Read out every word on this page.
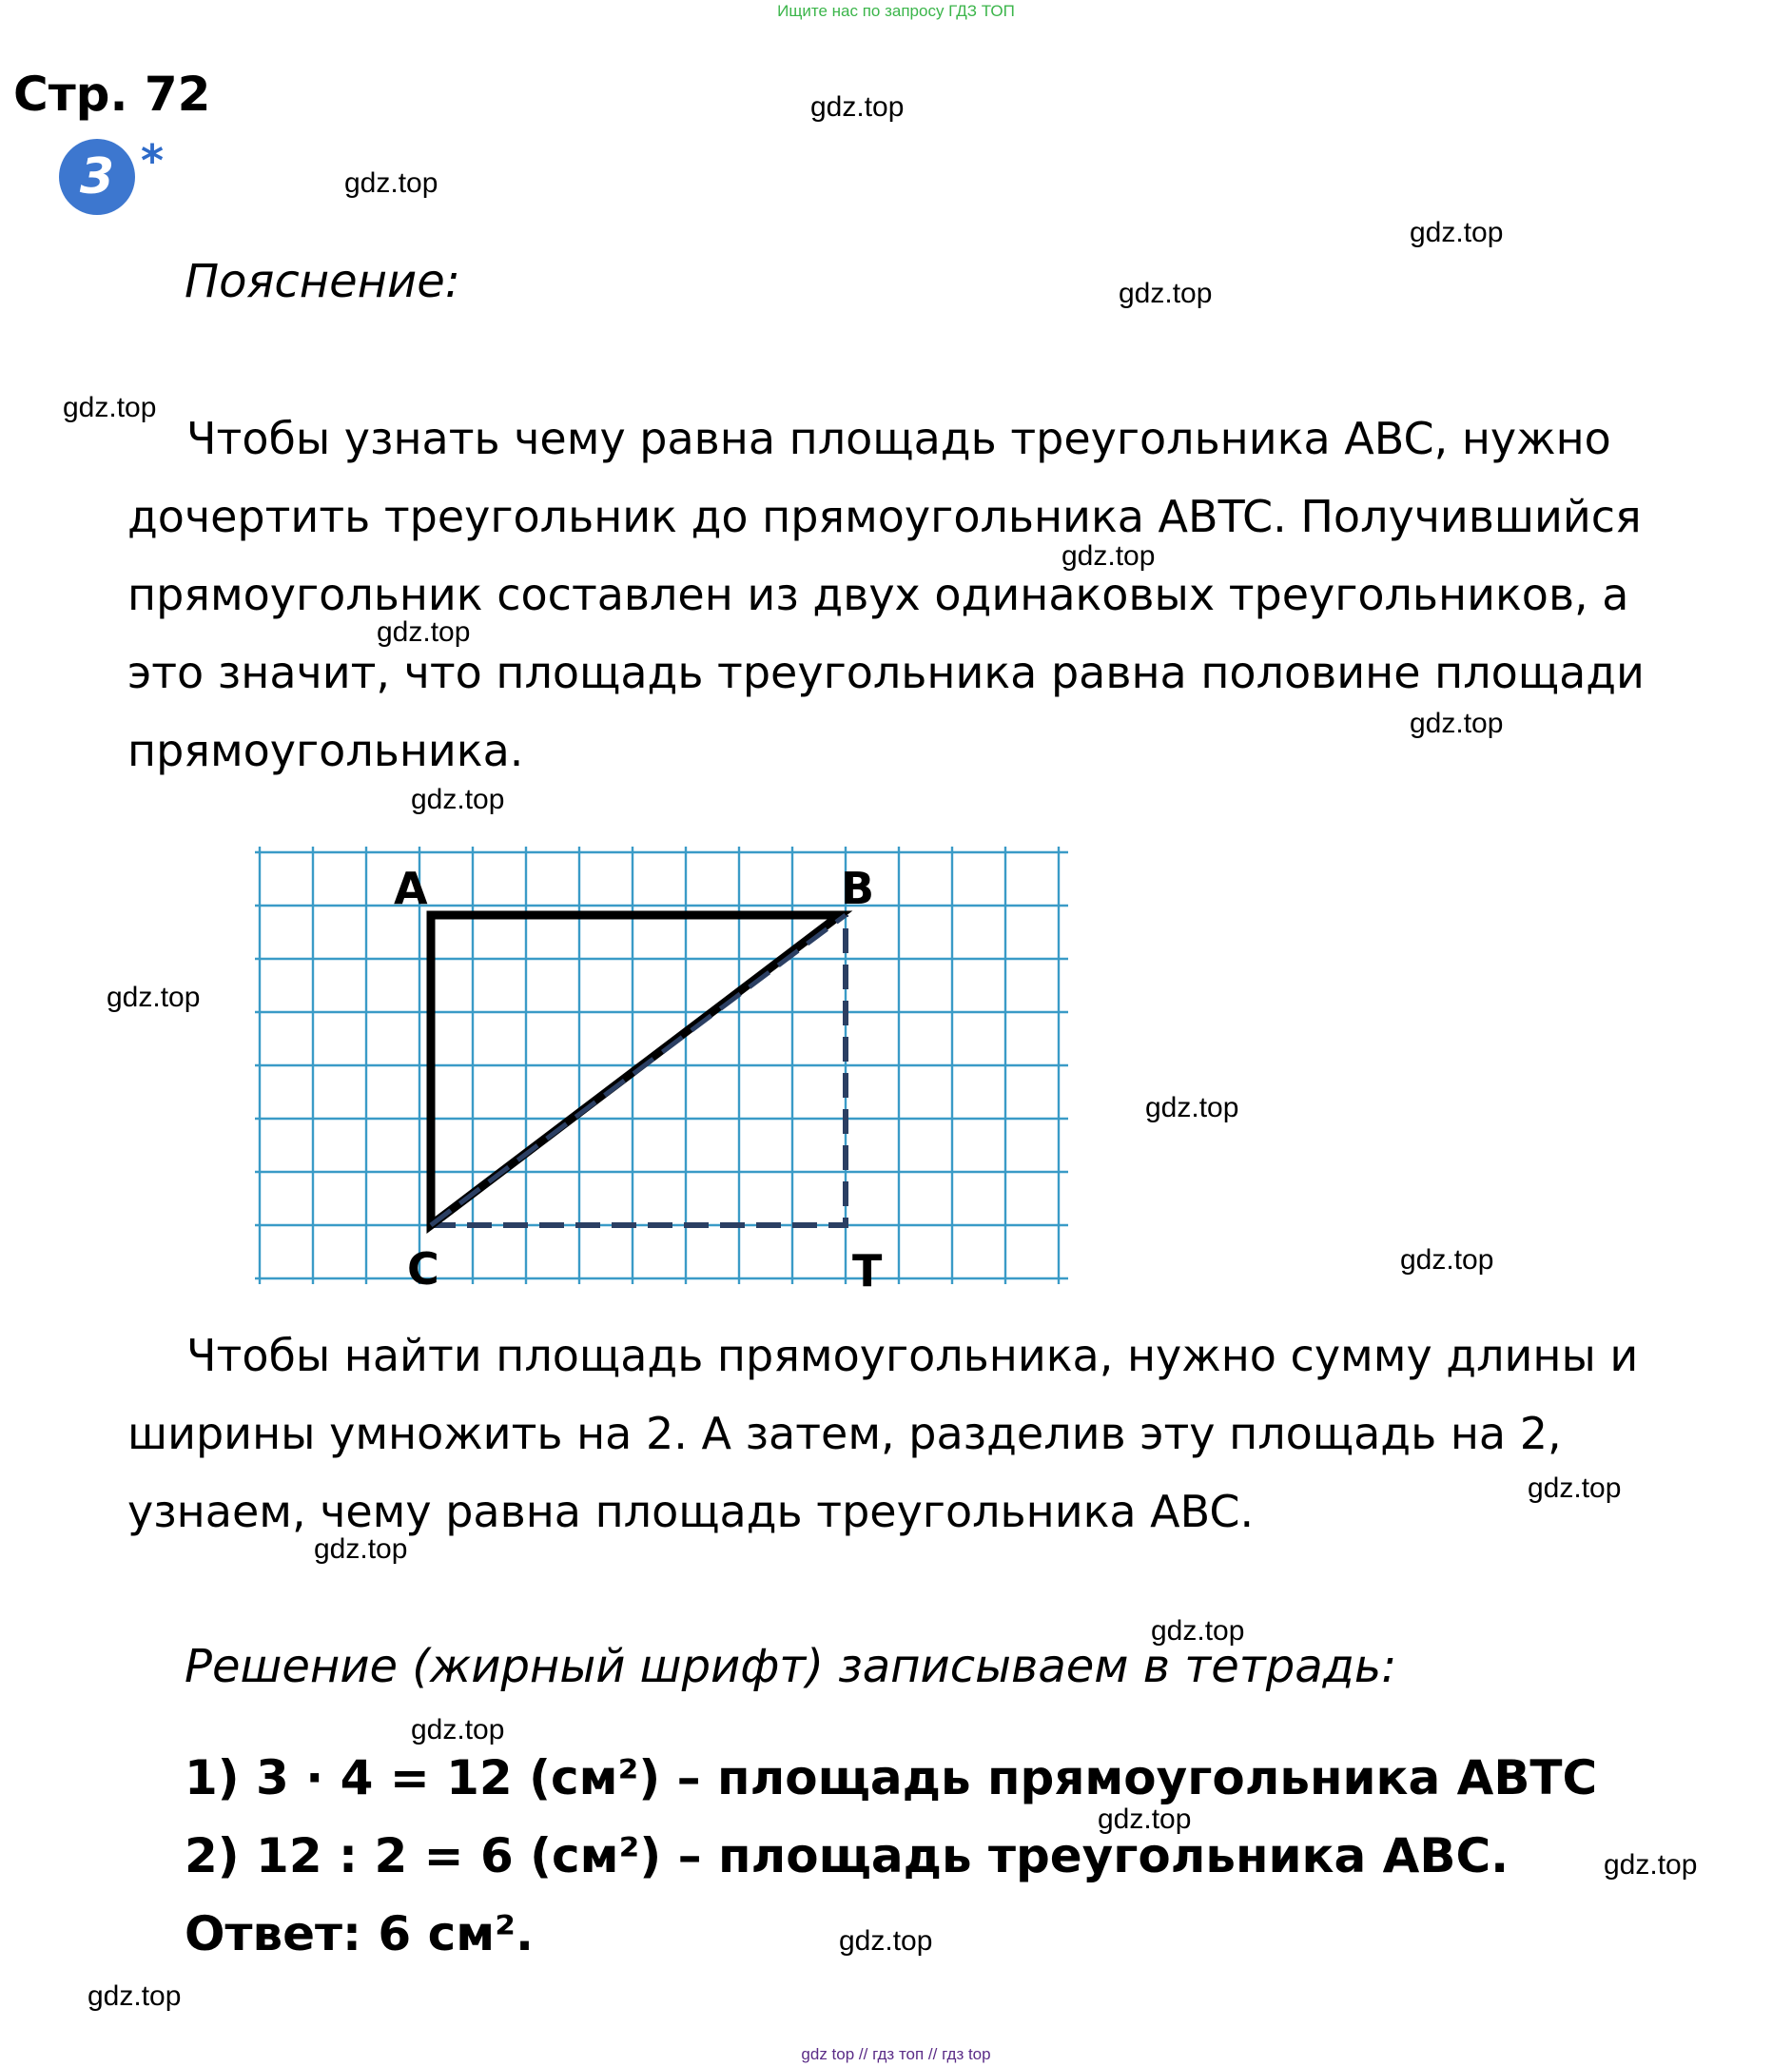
Ищите нас по запросу ГДЗ ТОП
Стр. 72
3 *
Пояснение:

Чтобы узнать чему равна площадь треугольника ABC, нужно дочертить треугольник до прямоугольника ABTC. Получившийся прямоугольник составлен из двух одинаковых треугольников, а это значит, что площадь треугольника равна половине площади прямоугольника.

A	B
C	T

Чтобы найти площадь прямоугольника, нужно сумму длины и ширины умножить на 2. А затем, разделив эту площадь на 2, узнаем, чему равна площадь треугольника ABC.

Решение (жирный шрифт) записываем в тетрадь:
1) 3 · 4 = 12 (см²) – площадь прямоугольника ABTC
2) 12 : 2 = 6 (см²) – площадь треугольника ABC.
Ответ: 6 см².
gdz.top
gdz.top
gdz.top
gdz.top
gdz.top
gdz.top
gdz.top
gdz.top
gdz.top
gdz.top
gdz.top
gdz.top
gdz.top
gdz.top
gdz.top
gdz.top
gdz.top
gdz.top
gdz.top
gdz.top
gdz top // гдз топ // гдз top
